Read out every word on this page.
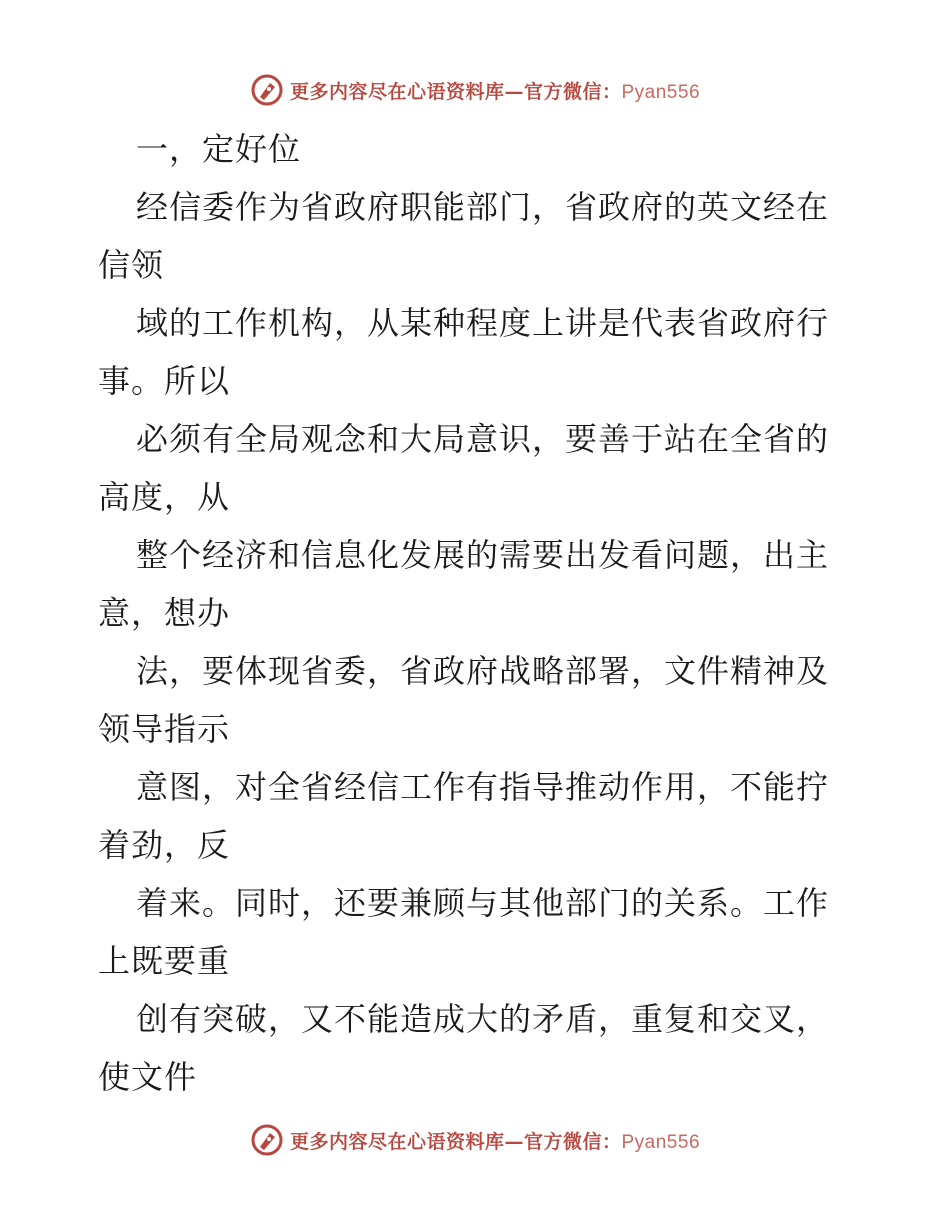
更多内容尽在心语资料库—官方微信：Pyan556
一，定好位
经信委作为省政府职能部门，省政府的英文经在
信领
域的工作机构，从某种程度上讲是代表省政府行
事。所以
必须有全局观念和大局意识，要善于站在全省的
高度，从
整个经济和信息化发展的需要出发看问题，出主
意，想办
法，要体现省委，省政府战略部署，文件精神及
领导指示
意图，对全省经信工作有指导推动作用，不能拧
着劲，反
着来。同时，还要兼顾与其他部门的关系。工作
上既要重
创有突破，又不能造成大的矛盾，重复和交叉，
使文件
更多内容尽在心语资料库—官方微信：Pyan556
